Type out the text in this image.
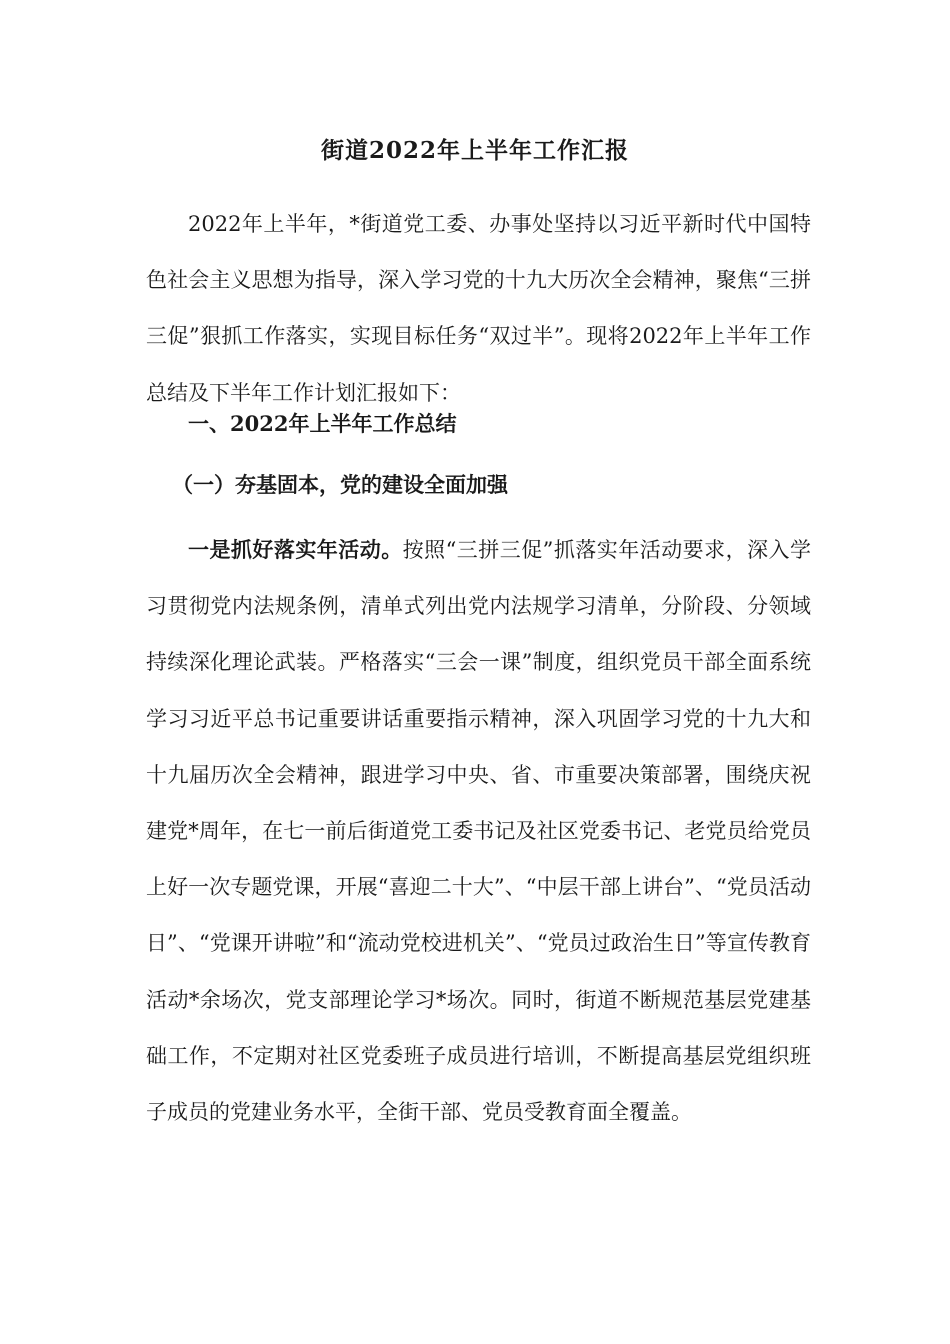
街道2022年上半年工作汇报

2022年上半年，*街道党工委、办事处坚持以习近平新时代中国特色社会主义思想为指导，深入学习党的十九大历次全会精神，聚焦“三拼三促”狠抓工作落实，实现目标任务“双过半”。现将2022年上半年工作总结及下半年工作计划汇报如下：

一、2022年上半年工作总结
（一）夯基固本，党的建设全面加强

一是抓好落实年活动。按照“三拼三促”抓落实年活动要求，深入学习贯彻党内法规条例，清单式列出党内法规学习清单，分阶段、分领域持续深化理论武装。严格落实“三会一课”制度，组织党员干部全面系统学习习近平总书记重要讲话重要指示精神，深入巩固学习党的十九大和十九届历次全会精神，跟进学习中央、省、市重要决策部署，围绕庆祝建党*周年，在七一前后街道党工委书记及社区党委书记、老党员给党员上好一次专题党课，开展“喜迎二十大”、“中层干部上讲台”、“党员活动日”、“党课开讲啦”和“流动党校进机关”、“党员过政治生日”等宣传教育活动*余场次，党支部理论学习*场次。同时，街道不断规范基层党建基础工作，不定期对社区党委班子成员进行培训，不断提高基层党组织班子成员的党建业务水平，全街干部、党员受教育面全覆盖。
